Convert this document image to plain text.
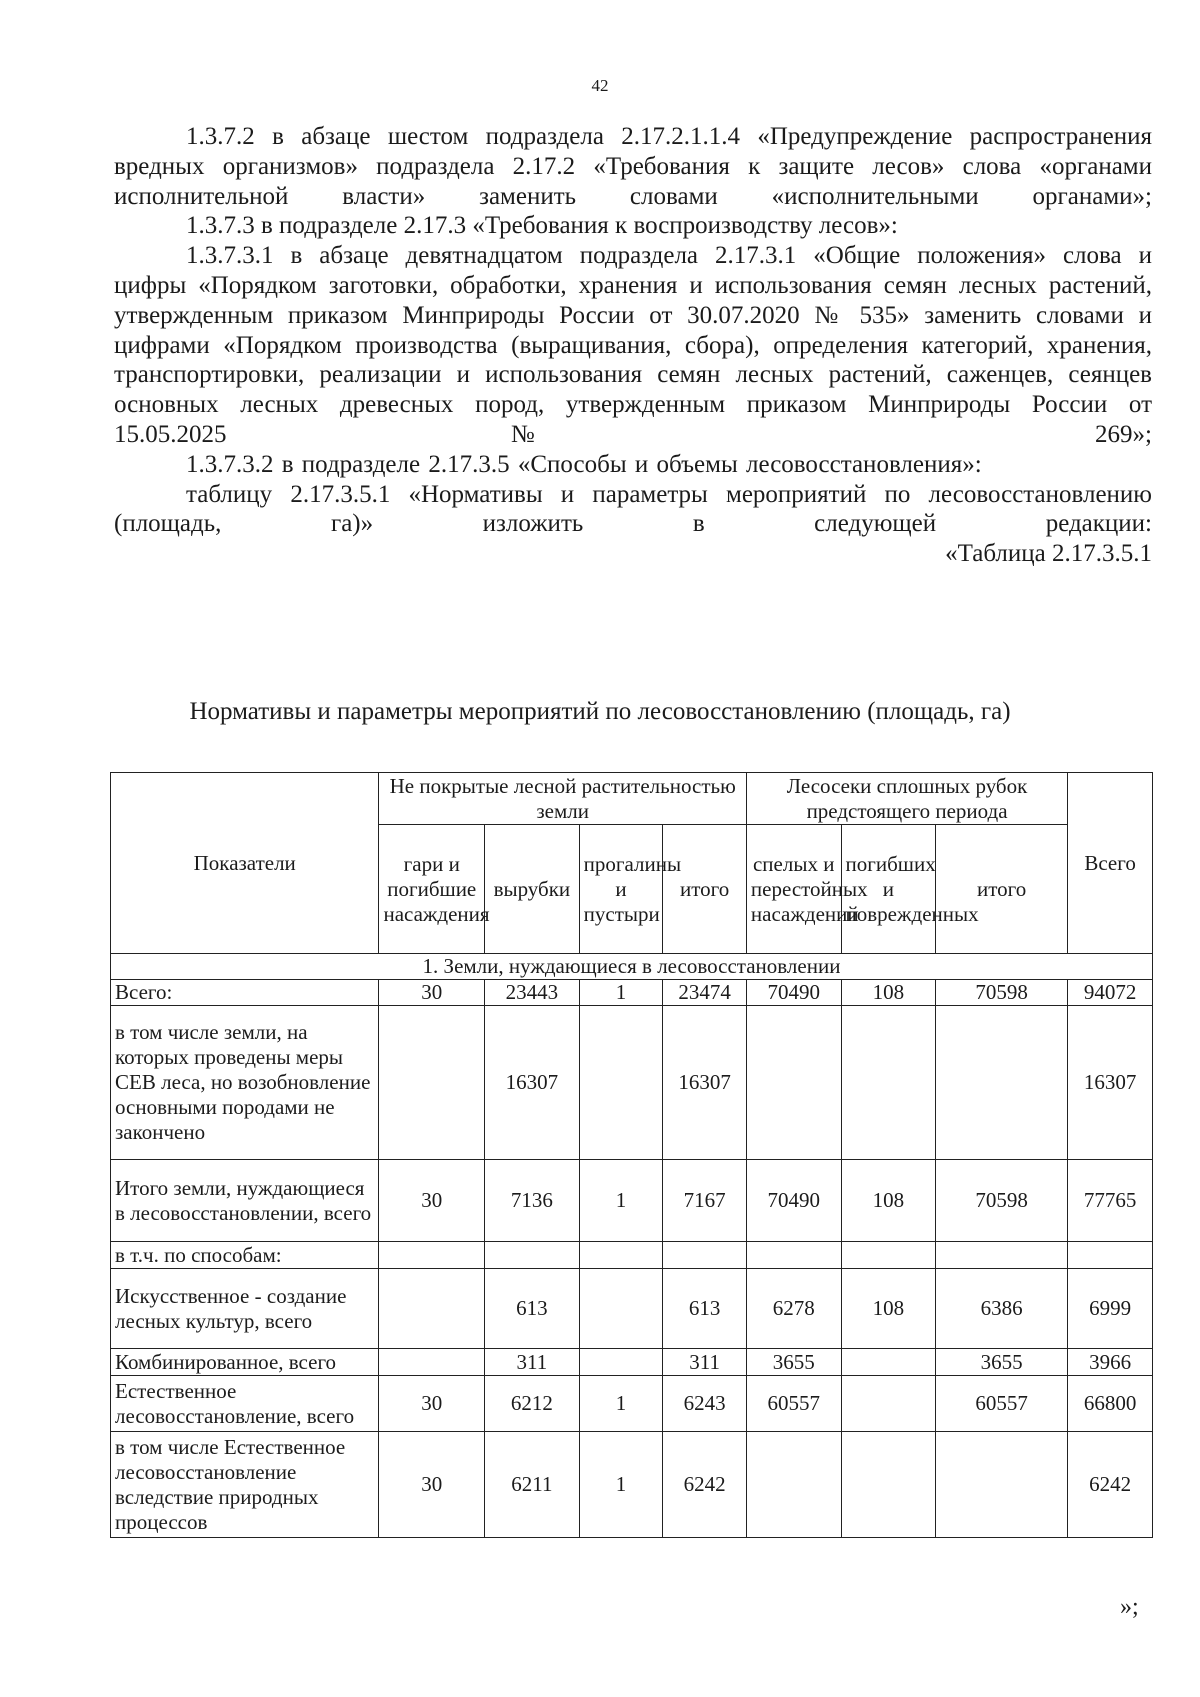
42

1.3.7.2 в абзаце шестом подраздела 2.17.2.1.1.4 «Предупреждение распространения вредных организмов» подраздела 2.17.2 «Требования к защите лесов» слова «органами исполнительной власти» заменить словами «исполнительными органами»;

1.3.7.3 в подразделе 2.17.3 «Требования к воспроизводству лесов»:

1.3.7.3.1 в абзаце девятнадцатом подраздела 2.17.3.1 «Общие положения» слова и цифры «Порядком заготовки, обработки, хранения и использования семян лесных растений, утвержденным приказом Минприроды России от 30.07.2020 № 535» заменить словами и цифрами «Порядком производства (выращивания, сбора), определения категорий, хранения, транспортировки, реализации и использования семян лесных растений, саженцев, сеянцев основных лесных древесных пород, утвержденным приказом Минприроды России от 15.05.2025 № 269»;

1.3.7.3.2 в подразделе 2.17.3.5 «Способы и объемы лесовосстановления»:

таблицу 2.17.3.5.1 «Нормативы и параметры мероприятий по лесовосстановлению (площадь, га)» изложить в следующей редакции:

«Таблица 2.17.3.5.1

Нормативы и параметры мероприятий по лесовосстановлению (площадь, га)
Показатели	Не покрытые лесной растительностью земли				Лесосеки сплошных рубок предстоящего периода			Всего
	гари и погибшие насаждения	вырубки	прогалины и пустыри	итого	спелых и перестойных насаждений	погибших и поврежденных	итого	
1. Земли, нуждающиеся в лесовосстановлении								
Всего:	30	23443	1	23474	70490	108	70598	94072
в том числе земли, на которых проведены меры СЕВ леса, но возобновление основными породами не закончено		16307		16307				16307
Итого земли, нуждающиеся в лесовосстановлении, всего	30	7136	1	7167	70490	108	70598	77765
в т.ч. по способам:								
Искусственное - создание лесных культур, всего		613		613	6278	108	6386	6999
Комбинированное, всего		311		311	3655		3655	3966
Естественное лесовосстановление, всего	30	6212	1	6243	60557		60557	66800
в том числе Естественное лесовосстановление вследствие природных процессов	30	6211	1	6242				6242
»;
